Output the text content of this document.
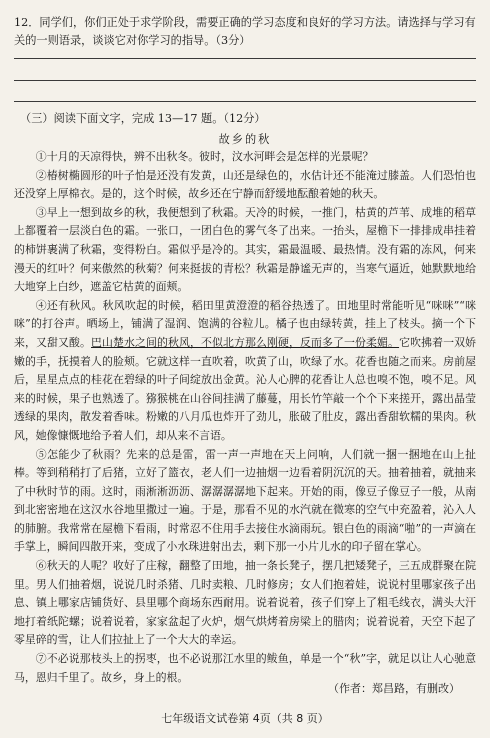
12．同学们，你们正处于求学阶段，需要正确的学习态度和良好的学习方法。请选择与学习有关的一则语录，谈谈它对你学习的指导。（3分）
（三）阅读下面文字，完成 13—17 题。（12分）
故乡的秋

①十月的天凉得快，辨不出秋冬。彼时，汶水河畔会是怎样的光景呢？

②椿树椭圆形的叶子怕是还没有发黄，山还是绿色的，水估计还不能淹过膝盖。人们恐怕也还没穿上厚棉衣。是的，这个时候，故乡还在宁静而舒缓地酝酿着她的秋天。

③早上一想到故乡的秋，我便想到了秋霜。天冷的时候，一推门，枯黄的芦苇、成堆的稻草上都覆着一层淡白色的霜。一张口，一团白色的雾气冬了出来。一抬头，屋檐下一排排成串挂着的柿饼裹满了秋霜，变得粉白。霜似乎是冷的。其实，霜最温暖、最热情。没有霜的冻风，何来漫天的红叶？何来傲然的秋菊？何来挺拔的青松？秋霜是静谧无声的，当寒气逼近，她默默地给大地穿上白纱，遮盖它枯黄的面颊。

④还有秋风。秋风吹起的时候，稻田里黄澄澄的稻谷热透了。田地里时常能听见“咪咪”“咪咪”的打谷声。晒场上，铺满了湿润、饱满的谷粒儿。橘子也由绿转黄，挂上了枝头。摘一个下来，又甜又酸。巴山楚水之间的秋风，不似北方那么刚硬，反而多了一份柔媚。它吹拂着一双娇嫩的手，抚摸着人的脸颊。它就这样一直吹着，吹黄了山，吹绿了水。花香也随之而来。房前屋后，星星点点的桂花在碧绿的叶子间绽放出金黄。沁人心脾的花香让人总也嗅不饱，嗅不足。风来的时候，果子也熟透了。猕猴桃在山谷间挂满了藤蔓，用长竹竿敲一个个下来搓开，露出晶莹透绿的果肉，散发着香味。粉嫩的八月瓜也炸开了劲儿，胀破了肚皮，露出香甜软糯的果肉。秋风，她像慷慨地给予着人们，却从来不言语。

⑤怎能少了秋雨？先来的总是雷，雷一声一声地在天上问响，人们就一捆一捆地在山上扯棒。等到稍稍打了后猪，立好了篮衣，老人们一边抽烟一边看着阴沉沉的天。抽着抽着，就抽来了中秋时节的雨。这时，雨淅淅沥沥、潺潺潺潺地下起来。开始的雨，像豆子像豆子一般，从南到北密密地在这汉水谷地里撒过一遍。于是，那看不见的水汽就在微寒的空气中充盈着，沁入人的肺腑。我常常在屋檐下看雨，时常忍不住用手去接住水滴雨玩。银白色的雨滴“啪”的一声滴在手掌上，瞬间四散开来，变成了小水珠进射出去，剩下那一小片儿水的印子留在掌心。

⑥秋天的人呢？收好了庄稼，翻整了田地，抽一条长凳子，摆几把矮凳子，三五成群聚在院里。男人们抽着烟，说说几时杀猪、几时卖粮、几时修房；女人们抱着娃，说说村里哪家孩子出息、镇上哪家店铺货好、县里哪个商场东西耐用。说着说着，孩子们穿上了粗毛线衣，满头大汗地打着纸陀螺；说着说着，家家盆起了火炉，烟气烘烤着房梁上的腊肉；说着说着，天空下起了零星碎的雪，让人们拉扯上了一个大大的幸运。

⑦不必说那枝头上的拐枣，也不必说那江水里的鲅鱼，单是一个“秋”字，就足以让人心驰意马，恩归千里了。故乡，身上的根。

（作者：郑昌路，有删改）
七年级语文试卷第 4页（共 8 页）
